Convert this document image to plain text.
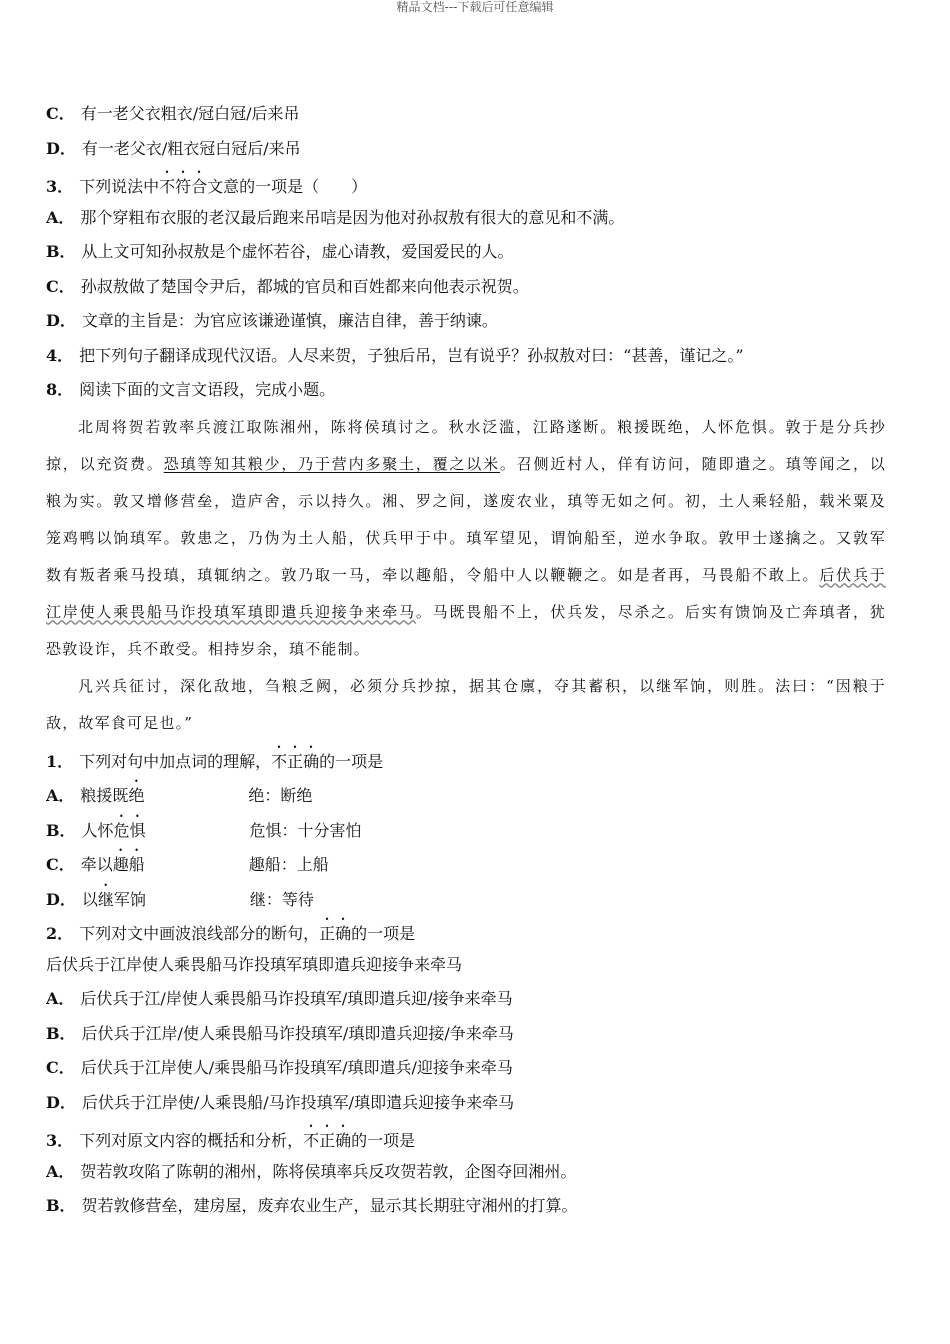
精品文档---下载后可任意编辑
C． 有一老父衣粗衣/冠白冠/后来吊
D． 有一老父衣/粗衣冠白冠后/来吊
3． 下列说法中不符合文意的一项是（　　）
A． 那个穿粗布衣服的老汉最后跑来吊唁是因为他对孙叔敖有很大的意见和不满。
B． 从上文可知孙叔敖是个虚怀若谷，虚心请教，爱国爱民的人。
C． 孙叔敖做了楚国令尹后，都城的官员和百姓都来向他表示祝贺。
D． 文章的主旨是：为官应该谦逊谨慎，廉洁自律，善于纳谏。
4． 把下列句子翻译成现代汉语。人尽来贺，子独后吊，岂有说乎？孙叔敖对曰：“甚善，谨记之。”
8． 阅读下面的文言文语段，完成小题。
北周将贺若敦率兵渡江取陈湘州，陈将侯瑱讨之。秋水泛滥，江路遂断。粮援既绝，人怀危惧。敦于是分兵抄
掠，以充资费。恐瑱等知其粮少，乃于营内多聚土，覆之以米。召侧近村人，佯有访问，随即遣之。瑱等闻之，以
粮为实。敦又增修营垒，造庐舍，示以持久。湘、罗之间，遂废农业，瑱等无如之何。初，土人乘轻船，载米粟及
笼鸡鸭以饷瑱军。敦患之，乃伪为土人船，伏兵甲于中。瑱军望见，谓饷船至，逆水争取。敦甲士遂擒之。又敦军
数有叛者乘马投瑱，瑱辄纳之。敦乃取一马，牵以趣船，令船中人以鞭鞭之。如是者再，马畏船不敢上。后伏兵于
江岸使人乘畏船马诈投瑱军瑱即遣兵迎接争来牵马。马既畏船不上，伏兵发，尽杀之。后实有馈饷及亡奔瑱者，犹
恐敦设诈，兵不敢受。相持岁余，瑱不能制。
凡兴兵征讨，深化敌地，刍粮乏阙，必须分兵抄掠，据其仓廪，夺其蓄积，以继军饷，则胜。法曰：“因粮于
敌，故军食可足也。”
1． 下列对句中加点词的理解，不正确的一项是
A． 粮援既绝	绝：断绝
B． 人怀危惧	危惧：十分害怕
C． 牵以趣船	趣船：上船
D． 以继军饷	继：等待
2． 下列对文中画波浪线部分的断句，正确的一项是
后伏兵于江岸使人乘畏船马诈投瑱军瑱即遣兵迎接争来牵马
A． 后伏兵于江/岸使人乘畏船马诈投瑱军/瑱即遣兵迎/接争来牵马
B． 后伏兵于江岸/使人乘畏船马诈投瑱军/瑱即遣兵迎接/争来牵马
C． 后伏兵于江岸使人/乘畏船马诈投瑱军/瑱即遣兵/迎接争来牵马
D． 后伏兵于江岸使/人乘畏船/马诈投瑱军/瑱即遣兵迎接争来牵马
3． 下列对原文内容的概括和分析，不正确的一项是
A． 贺若敦攻陷了陈朝的湘州，陈将侯瑱率兵反攻贺若敦，企图夺回湘州。
B． 贺若敦修营垒，建房屋，废弃农业生产，显示其长期驻守湘州的打算。
